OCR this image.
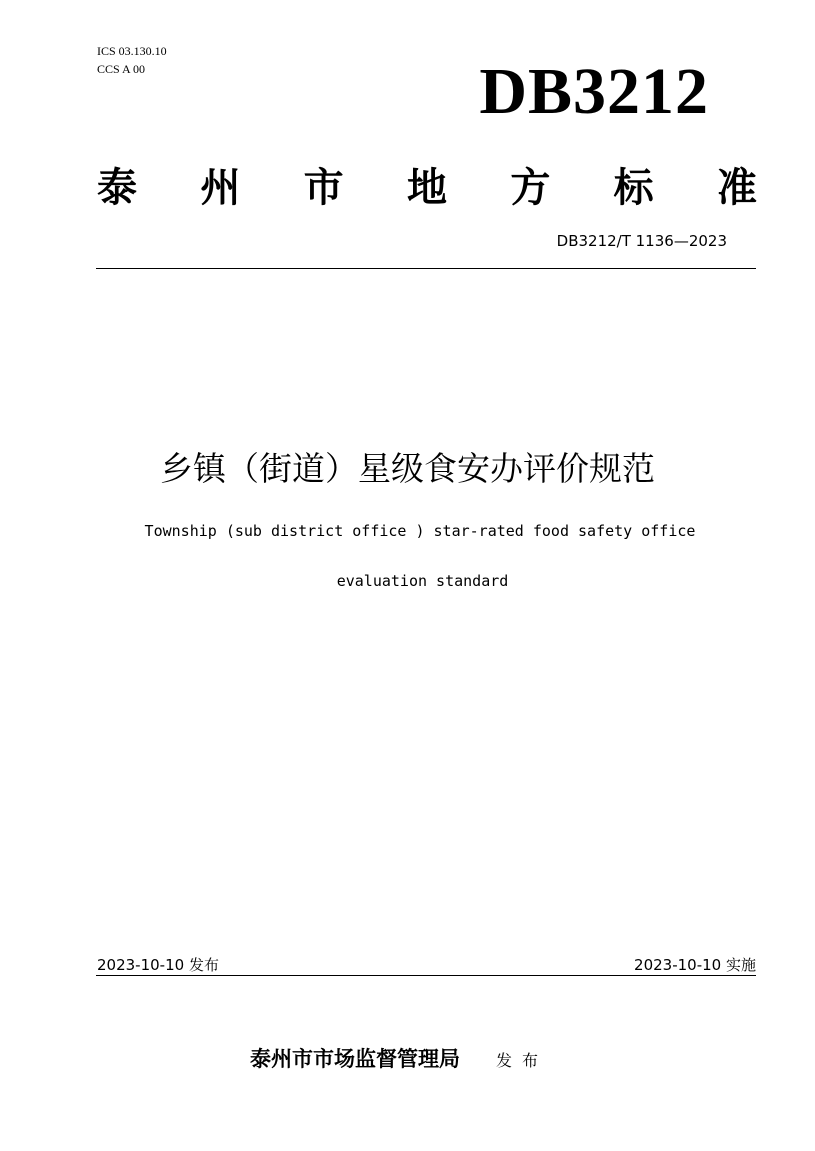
ICS 03.130.10
CCS A 00	DB3212
泰 州 市 地 方 标 准
DB3212/T 1136—2023
乡镇（街道）星级食安办评价规范
Township (sub district office ) star-rated food safety office
evaluation standard
2023-10-10 发布	2023-10-10 实施
泰州市市场监督管理局 发布
